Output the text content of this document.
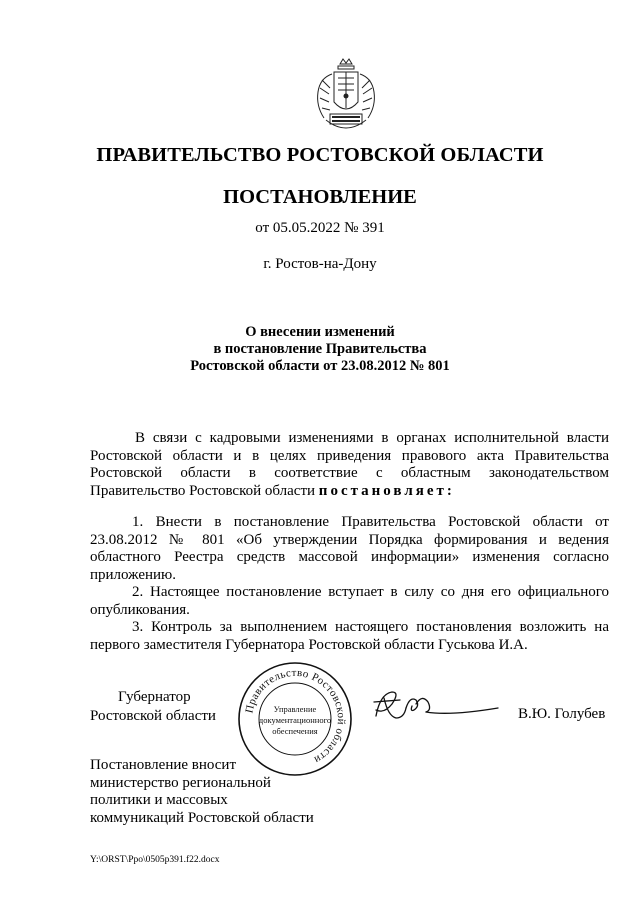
ПРАВИТЕЛЬСТВО РОСТОВСКОЙ ОБЛАСТИ
ПОСТАНОВЛЕНИЕ
от 05.05.2022 № 391
г. Ростов-на-Дону
О внесении изменений
в постановление Правительства
Ростовской области от 23.08.2012 № 801
В связи с кадровыми изменениями в органах исполнительной власти Ростовской области и в целях приведения правового акта Правительства Ростовской области в соответствие с областным законодательством Правительство Ростовской области постановляет:
1. Внести в постановление Правительства Ростовской области от 23.08.2012 № 801 «Об утверждении Порядка формирования и ведения областного Реестра средств массовой информации» изменения согласно приложению.
2. Настоящее постановление вступает в силу со дня его официального опубликования.
3. Контроль за выполнением настоящего постановления возложить на первого заместителя Губернатора Ростовской области Гуськова И.А.
Губернатор
Ростовской области Правительство Ростовской области
Управление
документационного
обеспечения
В.Ю. Голубев
Постановление вносит
министерство региональной
политики и массовых
коммуникаций Ростовской области
Y:\ORST\Ppo\0505p391.f22.docx
